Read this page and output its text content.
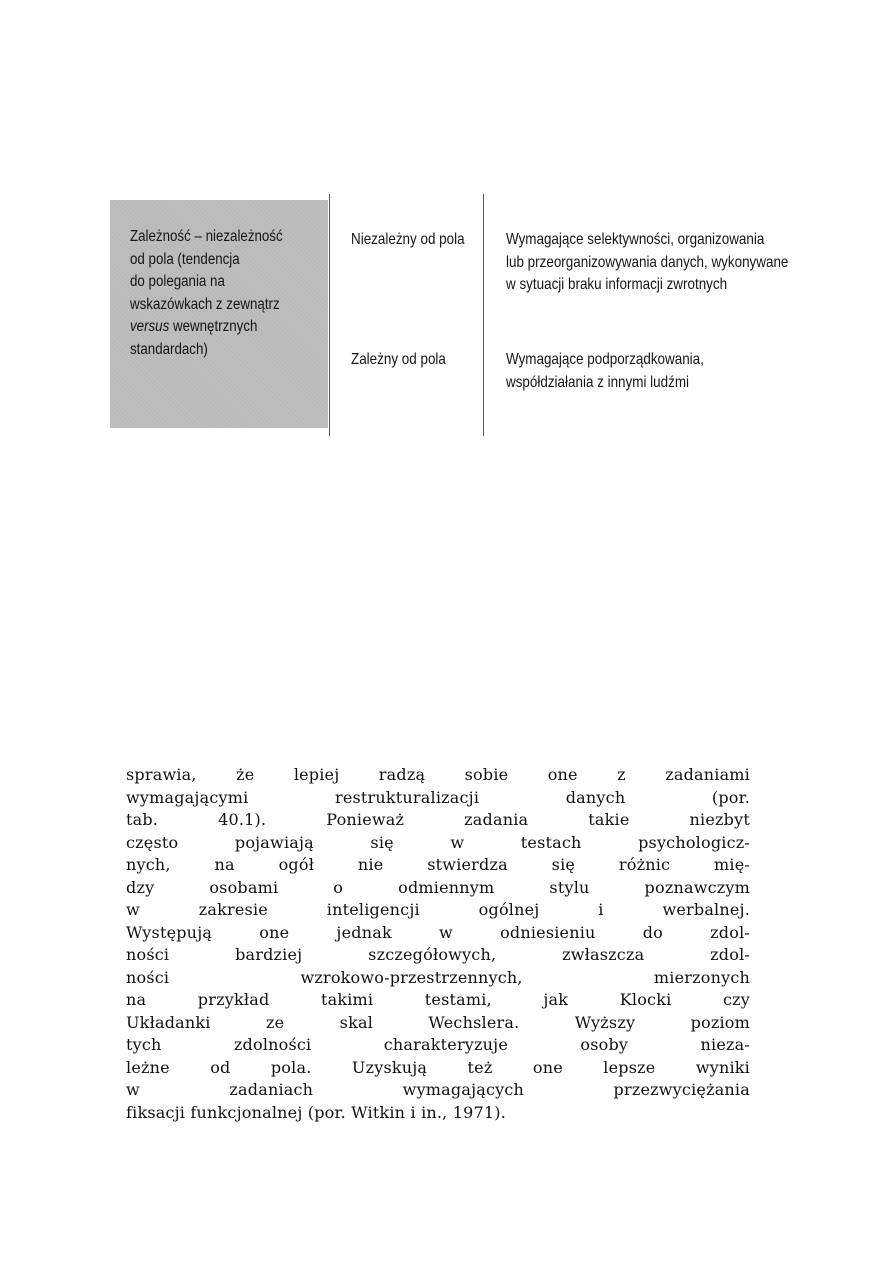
Zależność – niezależność
od pola (tendencja
do polegania na
wskazówkach z zewnątrz
versus wewnętrznych
standardach)
Niezależny od pola	Wymagające selektywności, organizowania
lub przeorganizowywania danych, wykonywane
w sytuacji braku informacji zwrotnych
Zależny od pola	Wymagające podporządkowania,
współdziałania z innymi ludźmi
sprawia, że lepiej radzą sobie one z zadaniami
wymagającymi restrukturalizacji danych (por.
tab. 40.1). Ponieważ zadania takie niezbyt
często pojawiają się w testach psychologicz-
nych, na ogół nie stwierdza się różnic mię-
dzy osobami o odmiennym stylu poznawczym
w zakresie inteligencji ogólnej i werbalnej.
Występują one jednak w odniesieniu do zdol-
ności bardziej szczegółowych, zwłaszcza zdol-
ności wzrokowo-przestrzennych, mierzonych
na przykład takimi testami, jak Klocki czy
Układanki ze skal Wechslera. Wyższy poziom
tych zdolności charakteryzuje osoby nieza-
leżne od pola. Uzyskują też one lepsze wyniki
w zadaniach wymagających przezwyciężania
fiksacji funkcjonalnej (por. Witkin i in., 1971).
